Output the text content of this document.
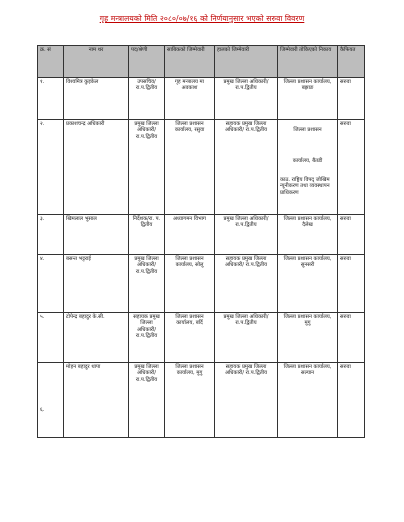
गृह मन्त्रालयको मिति २०८०/०७/१६ को निर्णयानुसार भएको सरुवा विवरण
क्र. सं	नाम थर	पद/श्रेणी	साबिकको जिम्मेवारी	हालको जिम्मेवारी	जिम्मेवारी तोकिएको निकाय	कैफियत
१.	विश्वमित्र कुइकेल	उपसचिव/ रा.प.द्वितीय	गृह मन्त्रालय मा अवकाश	प्रमुख जिल्ला अधिकारी/ रा.प.द्वितीय	जिल्ला प्रशासन कार्यालय, बझाङ	सरुवा
२.	प्रकाशचन्द्र अधिकारी	प्रमुख जिल्ला अधिकारी/ रा.प.द्वितीय	जिल्ला प्रशासन कार्यालय, रसुवा	सहायक प्रमुख जिल्ला अधिकारी/ रा.प.द्वितीय	जिल्ला प्रशासन

कार्यालय, बैतडी

काठ. राष्ट्रिय विपद् जोखिम न्यूनीकरण तथा व्यवस्थापन प्राधिकरण	सरुवा
३.	खिमलाल भुसाल	निर्देशक/रा. प. द्वितीय	अध्यागमन विभाग	प्रमुख जिल्ला अधिकारी/ रा.प.द्वितीय	जिल्ला प्रशासन कार्यालय, दैलेख	सरुवा
४.	बसन्त भट्टराई	प्रमुख जिल्ला अधिकारी/ रा.प.द्वितीय	जिल्ला प्रशासन कार्यालय, सोलु	सहायक प्रमुख जिल्ला अधिकारी/ रा.प.द्वितीय	जिल्ला प्रशासन कार्यालय, सुनसरी	सरुवा
५.	टोपेन्द्र बहादुर के.सी.	सहायक प्रमुख जिल्ला अधिकारी/ रा.प.द्वितीय	जिल्ला प्रशासन कार्यालय, बर्दि	प्रमुख जिल्ला अधिकारी/ रा.प.द्वितीय	जिल्ला प्रशासन कार्यालय, मुगु	सरुवा
६.	मोहन बहादुर थापा	प्रमुख जिल्ला अधिकारी/ रा.प.द्वितीय	जिल्ला प्रशासन कार्यालय, मुगु	सहायक प्रमुख जिल्ला अधिकारी/ रा.प.द्वितीय	जिल्ला प्रशासन कार्यालय, सल्यान	सरुवा
